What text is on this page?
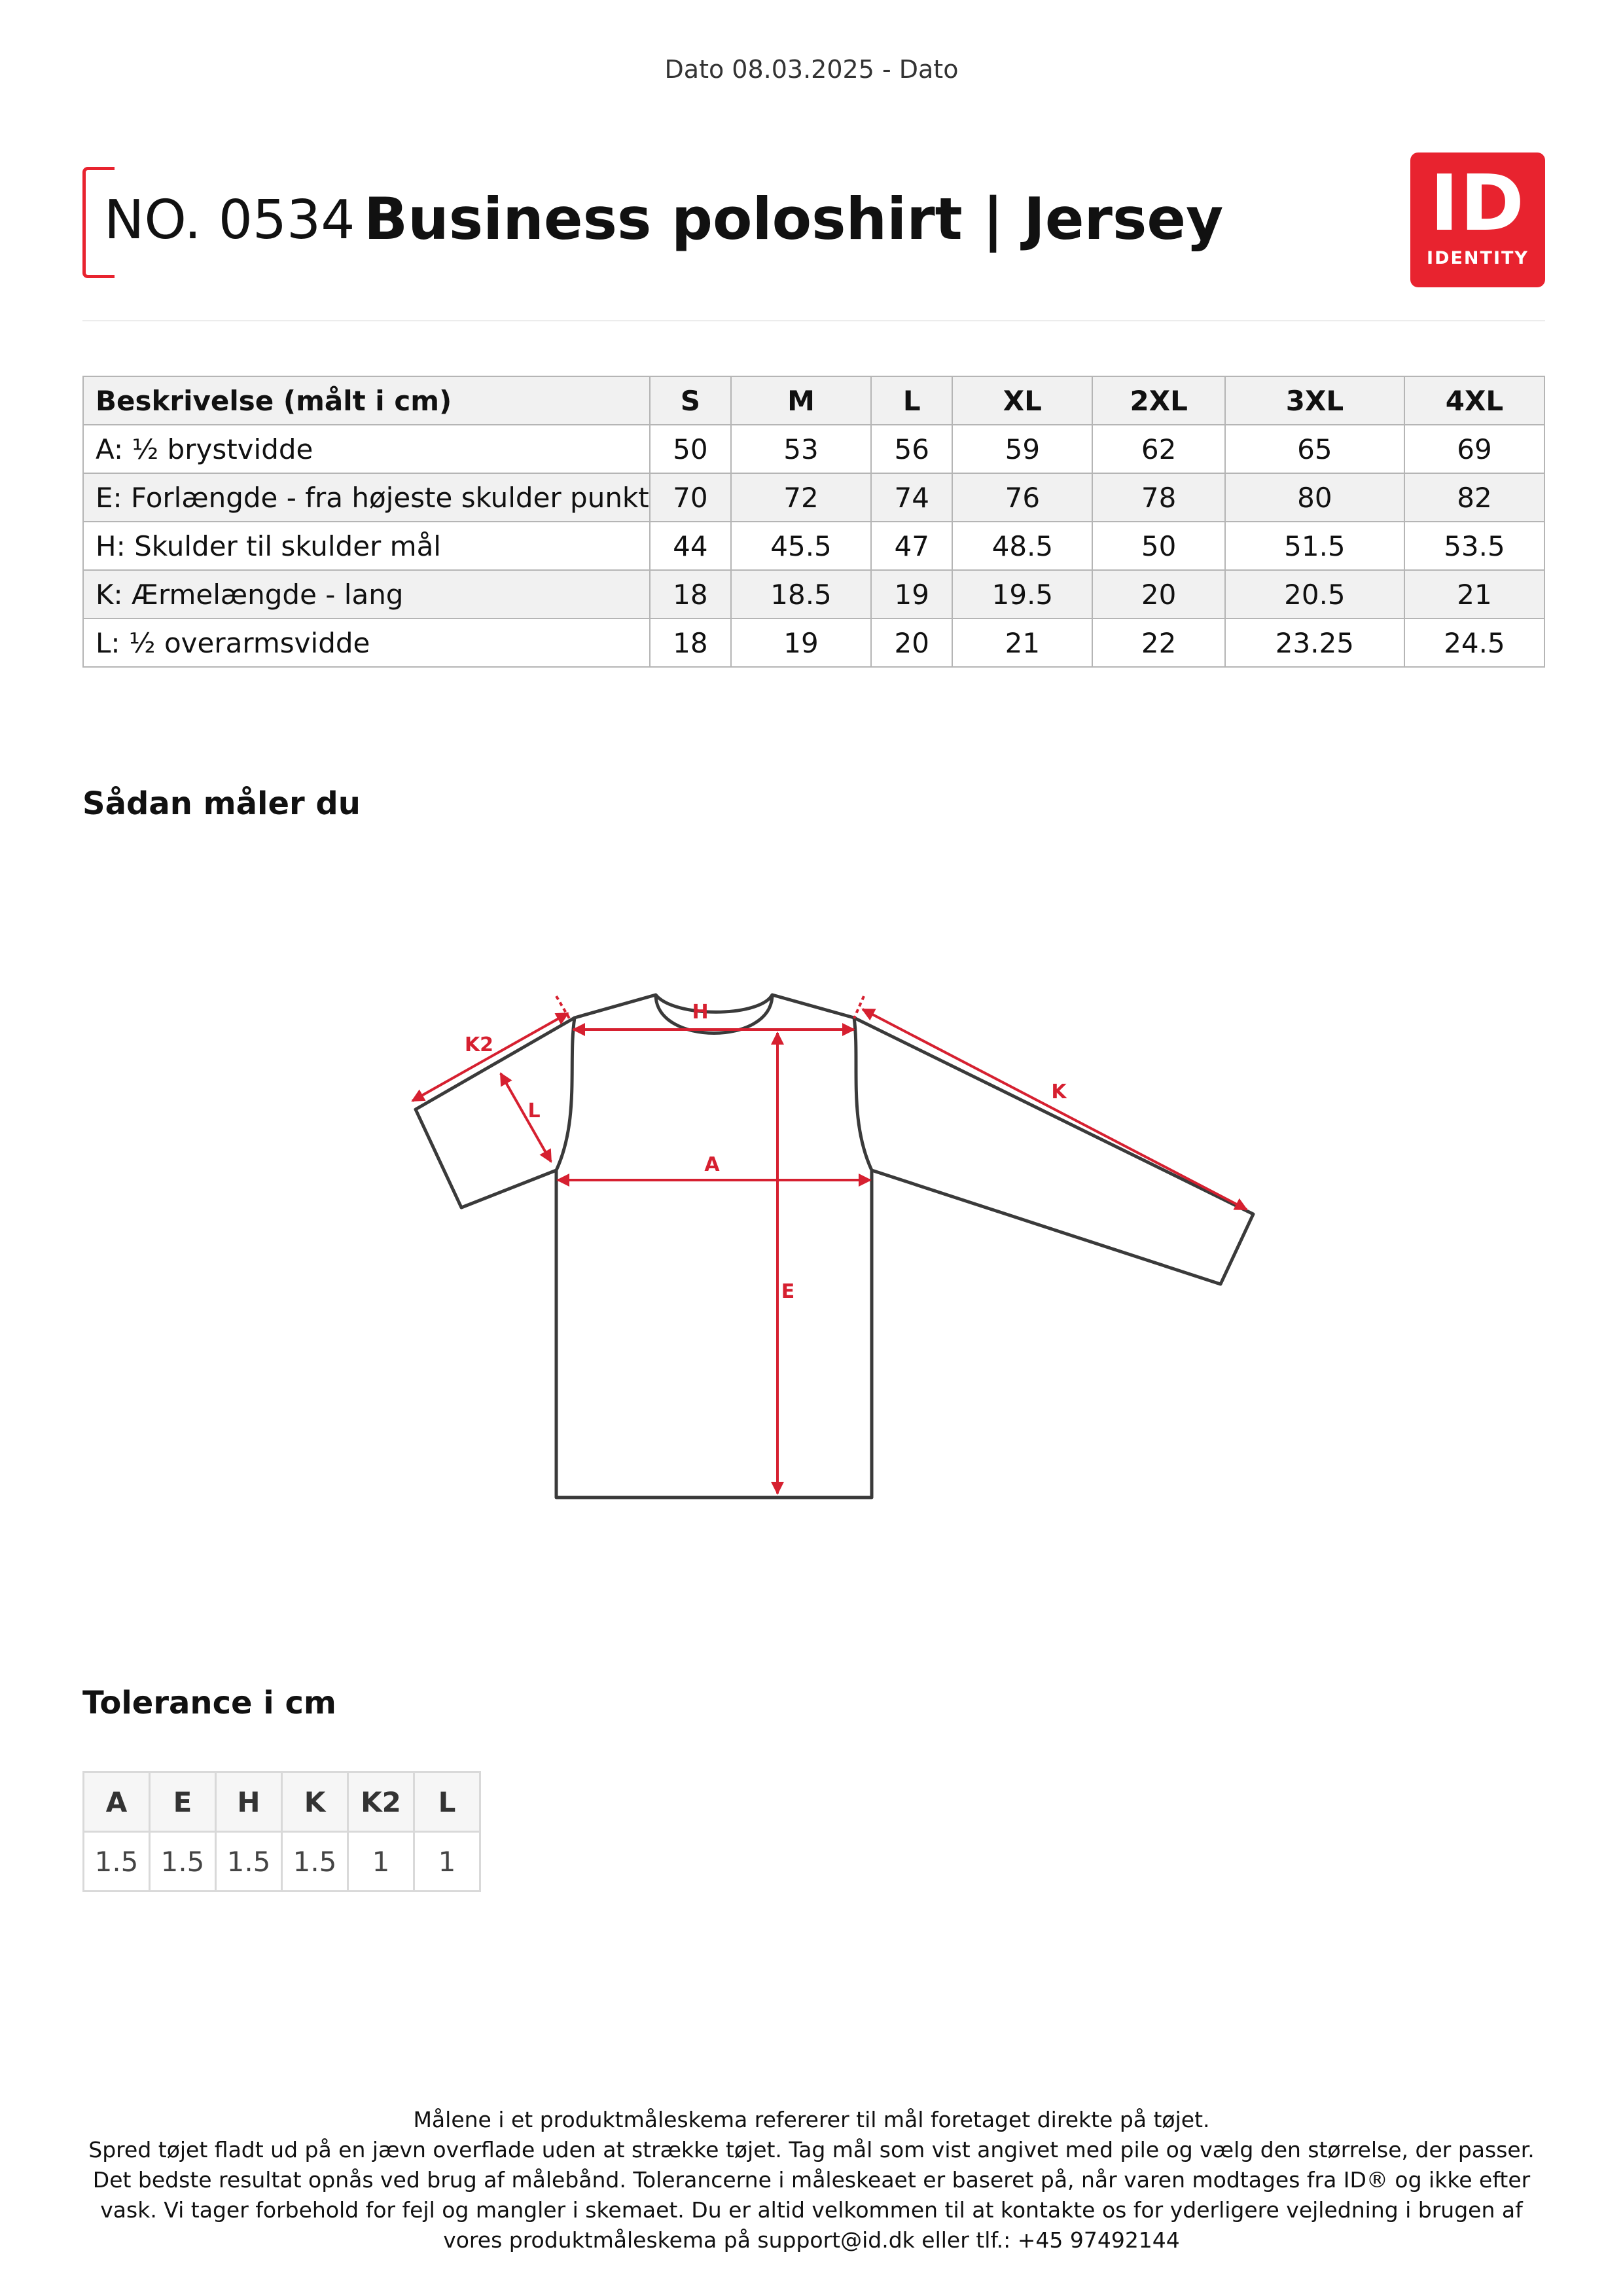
Dato 08.03.2025 - Dato
NO. 0534 Business poloshirt | Jersey	ID
IDENTITY
Beskrivelse (målt i cm)	S	M	L	XL	2XL	3XL	4XL
A: ½ brystvidde	50	53	56	59	62	65	69
E: Forlængde - fra højeste skulder punkt	70	72	74	76	78	80	82
H: Skulder til skulder mål	44	45.5	47	48.5	50	51.5	53.5
K: Ærmelængde - lang	18	18.5	19	19.5	20	20.5	21
L: ½ overarmsvidde	18	19	20	21	22	23.25	24.5
Sådan måler du
H
A
E
K2
L
K
Tolerance i cm
A	E	H	K	K2	L
1.5	1.5	1.5	1.5	1	1

Målene i et produktmåleskema refererer til mål foretaget direkte på tøjet.

Spred tøjet fladt ud på en jævn overflade uden at strække tøjet. Tag mål som vist angivet med pile og vælg den størrelse, der passer. Det bedste resultat opnås ved brug af målebånd. Tolerancerne i måleskeaet er baseret på, når varen modtages fra ID® og ikke efter vask. Vi tager forbehold for fejl og mangler i skemaet. Du er altid velkommen til at kontakte os for yderligere vejledning i brugen af vores produktmåleskema på support@id.dk eller tlf.: +45 97492144
